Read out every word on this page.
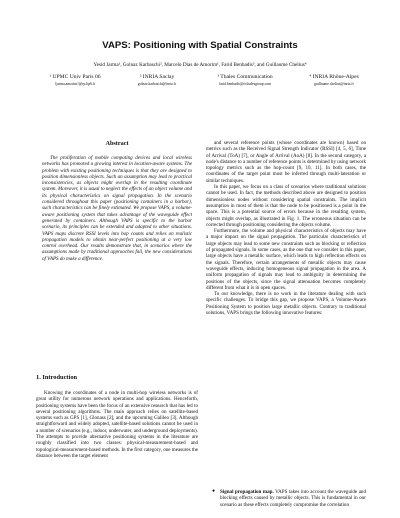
VAPS: Positioning with Spatial Constraints
Yesid Jarma¹, Golnaz Karbaschi², Marcelo Dias de Amorim¹, Farid Benbadis³, and Guillaume Chelius⁴
¹ UPMC Univ Paris 06
{jarma,amorim}@rp.lip6.fr
² INRIA Saclay
golnaz.karbaschi@inria.fr
³ Thales Communication
farid.benbadis@fr.thalesgroup.com
⁴ INRIA Rhône-Alpes
guillaume.chelius@inria.fr
Abstract
The proliferation of mobile computing devices and local wireless networks has promoted a growing interest in location-aware systems. The problem with existing positioning techniques is that they are designed to position dimensionless objects. Such an assumption may lead to practical inconsistencies, as objects might overlap in the resulting coordinate system. Moreover, it is usual to neglect the effects of an object volume and its physical characteristics on signal propagation. In the scenario considered throughout this paper (positioning containers in a harbor), such characteristics can be finely estimated. We propose VAPS, a volume-aware positioning system that takes advantage of the waveguide effect generated by containers. Although VAPS is specific to the harbor scenario, its principles can be extended and adapted to other situations. VAPS maps discrete RSSI levels into hop counts and relies on realistic propagation models to obtain near-perfect positioning at a very low control overhead. Our results demonstrate that, in scenarios where the assumptions made by traditional approaches fail, the new considerations of VAPS do make a difference.
1. Introduction
Knowing the coordinates of a node in multi-hop wireless networks is of great utility for numerous network operations and applications. Henceforth, positioning systems have been the focus of an extensive research that has led to several positioning algorithms. The main approach relies on satellite-based systems such as GPS [1], Glonass [2], and the upcoming Galileo [3]. Although straightforward and widely adopted, satellite-based solutions cannot be used in a number of scenarios (e.g., indoor, underwater, and underground deployments). The attempts to provide alternative positioning systems in the literature are roughly classified into two classes: physical-measurement-based and topological-measurement-based methods. In the first category, one measures the distance between the target element

and several reference points (whose coordinates are known) based on metrics such as the Received Signal Strength Indicator (RSSI) [4, 5, 6], Time of Arrival (ToA) [7], or Angle of Arrival (AoA) [8]. In the second category, a node's distance to a number of reference points is determined by using network topology metrics such as the hop-count [9, 10, 11]. In both cases, the coordinates of the target point must be inferred through multi-lateration or similar techniques.

In this paper, we focus on a class of scenarios where traditional solutions cannot be used. In fact, the methods described above are designed to position dimensionless nodes without considering spatial constraints. The implicit assumption in most of them is that the node to be positioned is a point in the space. This is a potential source of errors because in the resulting system, objects might overlap, as illustrated in Fig. 1. The erroneous situation can be corrected through positioning considering the objects volume.

Furthermore, the volume and physical characteristics of objects may have a major impact on the signal propagation. The particular characteristics of large objects may lead to some new constraints such as blocking or reflection of propagated signals. In some cases, as the one that we consider in this paper, large objects have a metallic surface, which leads to high reflection effects on the signals. Therefore, certain arrangements of metallic objects may cause waveguide effects, inducing homogeneous signal propagation in the area. A uniform propagation of signals may lead to ambiguity in determining the positions of the objects, since the signal attenuation becomes completely different from what it is in open spaces.

To our knowledge, there is no work in the literature dealing with such specific challenges. To bridge this gap, we propose VAPS, a Volume-Aware Positioning System to position large metallic objects. Contrary to traditional solutions, VAPS brings the following innovative features:

● Signal propagation map. VAPS takes into account the waveguide and blocking effects caused by metallic objects. This is fundamental in our scenario as these effects completely compromise the correlation
